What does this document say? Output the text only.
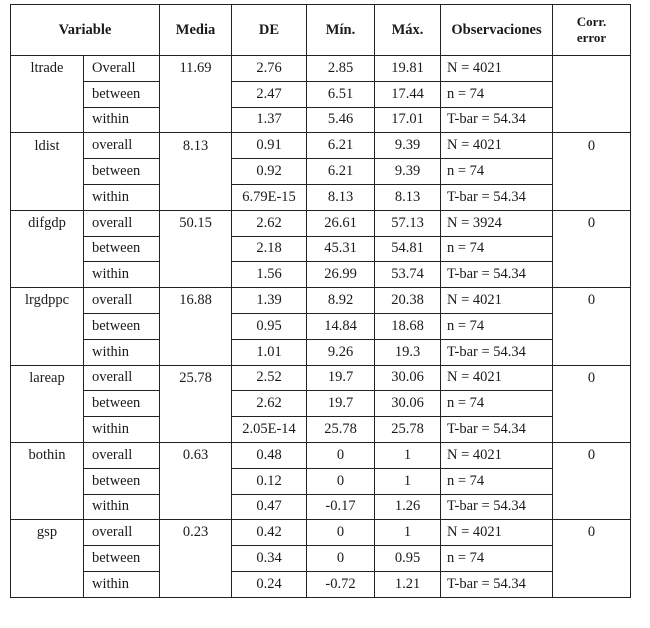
Variable		Media	DE	Mín.	Máx.	Observaciones	Corr.
error
ltrade	Overall	11.69	2.76	2.85	19.81	N = 4021	
	between		2.47	6.51	17.44	n = 74	
	within		1.37	5.46	17.01	T-bar = 54.34	
ldist	overall	8.13	0.91	6.21	9.39	N = 4021	0
	between		0.92	6.21	9.39	n = 74	
	within		6.79E-15	8.13	8.13	T-bar = 54.34	
difgdp	overall	50.15	2.62	26.61	57.13	N = 3924	0
	between		2.18	45.31	54.81	n = 74	
	within		1.56	26.99	53.74	T-bar = 54.34	
lrgdppc	overall	16.88	1.39	8.92	20.38	N = 4021	0
	between		0.95	14.84	18.68	n = 74	
	within		1.01	9.26	19.3	T-bar = 54.34	
lareap	overall	25.78	2.52	19.7	30.06	N = 4021	0
	between		2.62	19.7	30.06	n = 74	
	within		2.05E-14	25.78	25.78	T-bar = 54.34	
bothin	overall	0.63	0.48	0	1	N = 4021	0
	between		0.12	0	1	n = 74	
	within		0.47	-0.17	1.26	T-bar = 54.34	
gsp	overall	0.23	0.42	0	1	N = 4021	0
	between		0.34	0	0.95	n = 74	
	within		0.24	-0.72	1.21	T-bar = 54.34	
